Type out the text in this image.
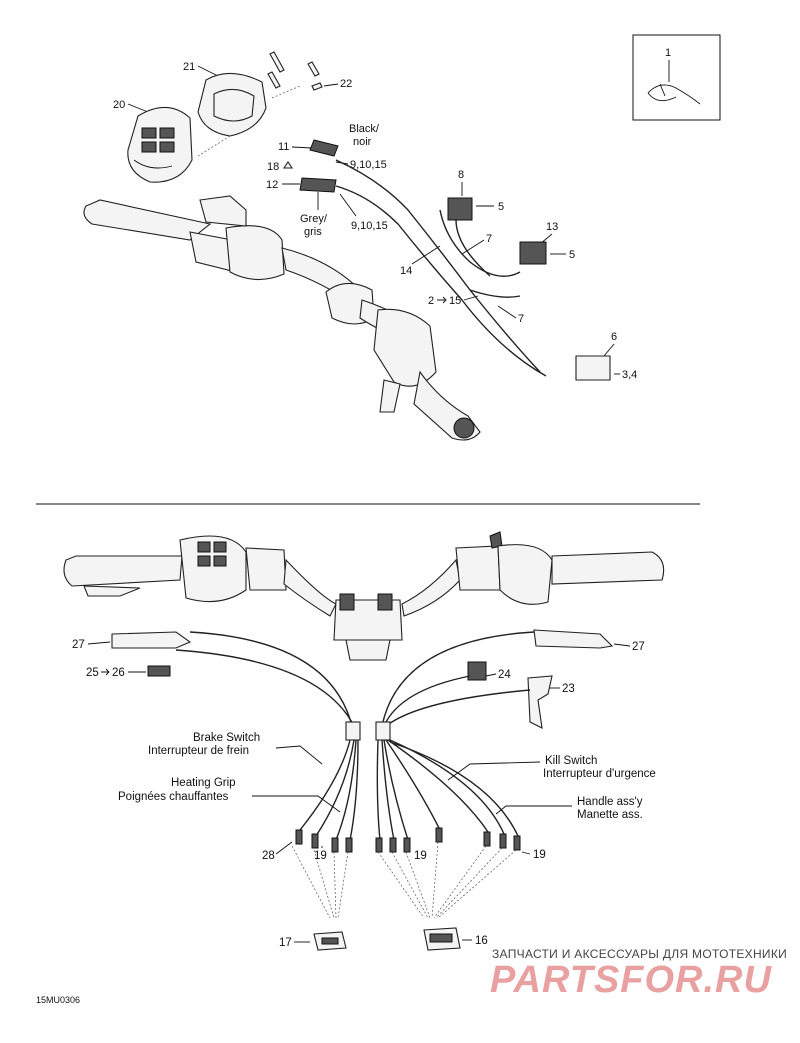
1
21
22
20
11
Black/
noir
18	9,10,15
12
Grey/
gris	9,10,15
8
5
13
5
7
14
2 15
7
6
3,4
27	27
25 26	24
23
Brake Switch
Interrupteur de frein
Heating Grip
Poignées chauffantes
Kill Switch
Interrupteur d'urgence
Handle ass'y
Manette ass.
28	19	19	19
17	16
15MU0306
ЗАПЧАСТИ И АКСЕССУАРЫ ДЛЯ МОТОТЕХНИКИ
PARTSFOR.RU
